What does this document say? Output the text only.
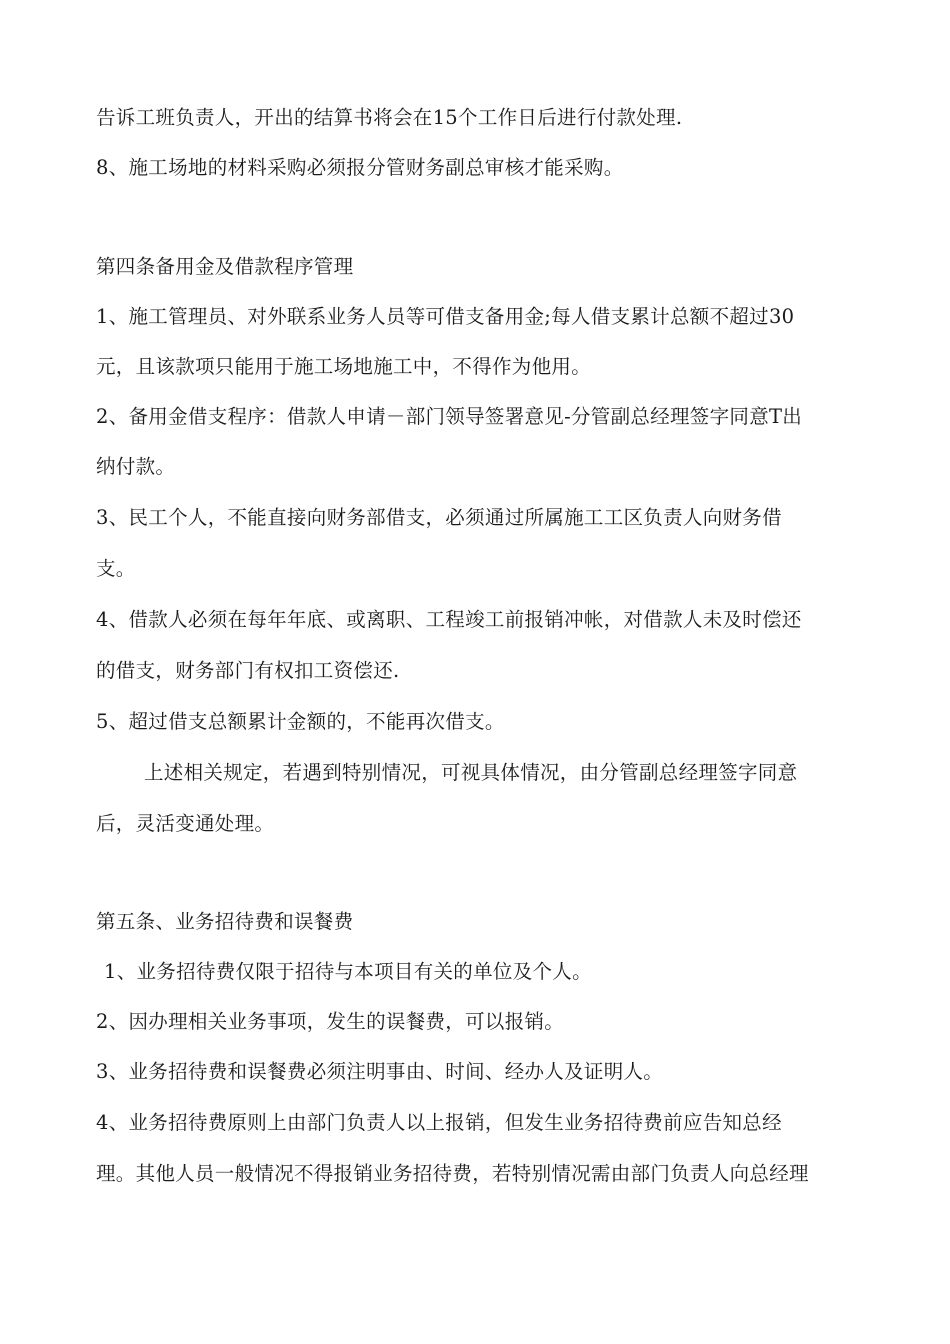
告诉工班负责人，开出的结算书将会在15个工作日后进行付款处理.
8、施工场地的材料采购必须报分管财务副总审核才能采购。
第四条备用金及借款程序管理
1、施工管理员、对外联系业务人员等可借支备用金;每人借支累计总额不超过30
元，且该款项只能用于施工场地施工中，不得作为他用。
2、备用金借支程序：借款人申请－部门领导签署意见-分管副总经理签字同意T出
纳付款。
3、民工个人，不能直接向财务部借支，必须通过所属施工工区负责人向财务借
支。
4、借款人必须在每年年底、或离职、工程竣工前报销冲帐，对借款人未及时偿还
的借支，财务部门有权扣工资偿还.
5、超过借支总额累计金额的，不能再次借支。
上述相关规定，若遇到特别情况，可视具体情况，由分管副总经理签字同意
后，灵活变通处理。
第五条、业务招待费和误餐费
1、业务招待费仅限于招待与本项目有关的单位及个人。
2、因办理相关业务事项，发生的误餐费，可以报销。
3、业务招待费和误餐费必须注明事由、时间、经办人及证明人。
4、业务招待费原则上由部门负责人以上报销，但发生业务招待费前应告知总经
理。其他人员一般情况不得报销业务招待费，若特别情况需由部门负责人向总经理
